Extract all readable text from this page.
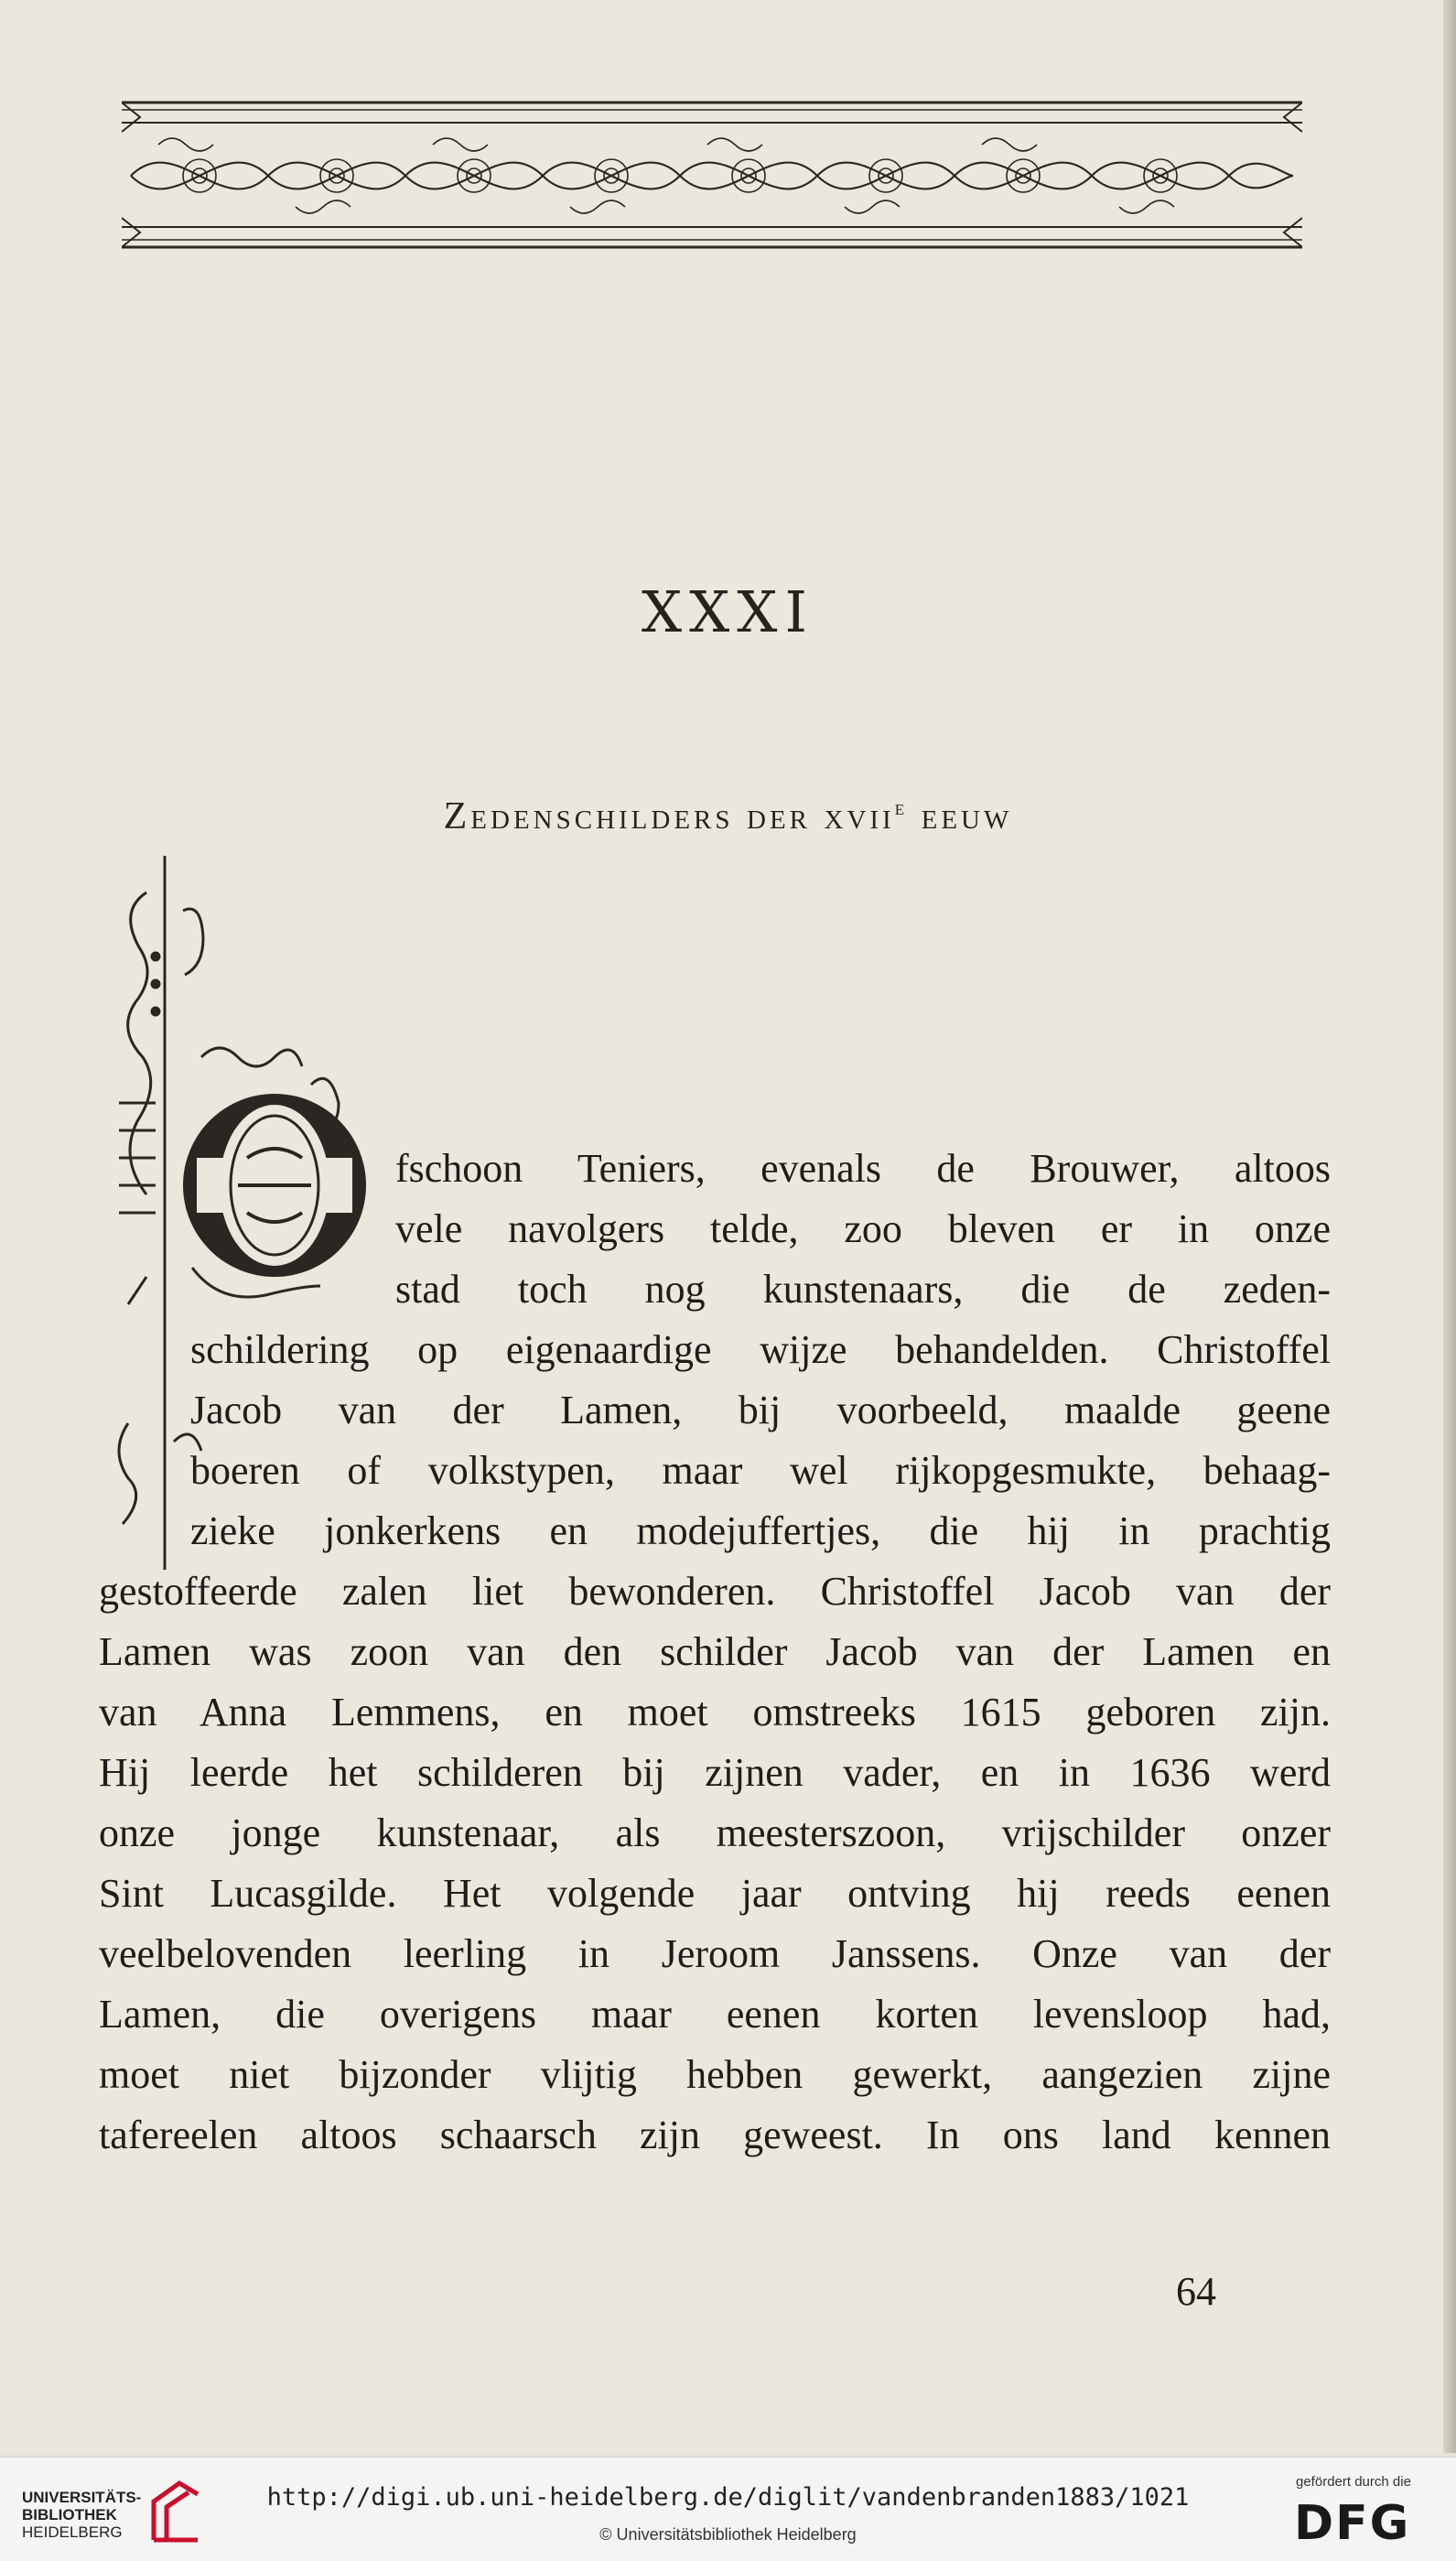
XXXI
Zedenschilders der xvii$^e$ eeuw
fschoon Teniers, evenals de Brouwer, altoos
vele navolgers telde, zoo bleven er in onze
stad toch nog kunstenaars, die de zeden-
schildering op eigenaardige wijze behandelden. Christoffel
Jacob van der Lamen, bij voorbeeld, maalde geene
boeren of volkstypen, maar wel rijkopgesmukte, behaag-
zieke jonkerkens en modejuffertjes, die hij in prachtig
gestoffeerde zalen liet bewonderen. Christoffel Jacob van der
Lamen was zoon van den schilder Jacob van der Lamen en
van Anna Lemmens, en moet omstreeks 1615 geboren zijn.
Hij leerde het schilderen bij zijnen vader, en in 1636 werd
onze jonge kunstenaar, als meesterszoon, vrijschilder onzer
Sint Lucasgilde. Het volgende jaar ontving hij reeds eenen
veelbelovenden leerling in Jeroom Janssens. Onze van der
Lamen, die overigens maar eenen korten levensloop had,
moet niet bijzonder vlijtig hebben gewerkt, aangezien zijne
tafereelen altoos schaarsch zijn geweest. In ons land kennen
64
UNIVERSITÄTS-
BIBLIOTHEK
HEIDELBERG
http://digi.ub.uni-heidelberg.de/diglit/vandenbranden1883/1021
© Universitätsbibliothek Heidelberg
gefördert durch die
DFG
